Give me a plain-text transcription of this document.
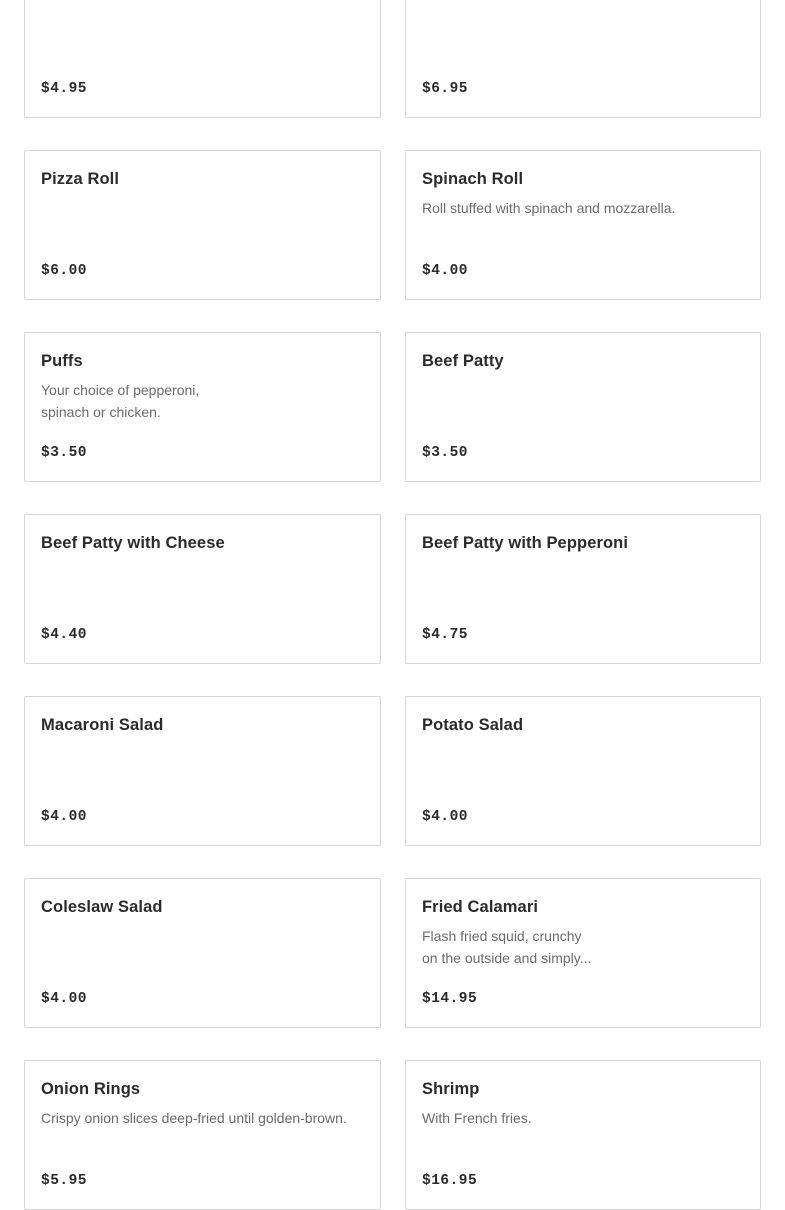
$4.95	$6.95
Pizza Roll
$6.00
Spinach Roll
Roll stuffed with spinach and mozzarella.
$4.00
Puffs
Your choice of pepperoni,
spinach or chicken.
$3.50
Beef Patty
$3.50
Beef Patty with Cheese
$4.40
Beef Patty with Pepperoni
$4.75
Macaroni Salad
$4.00
Potato Salad
$4.00
Coleslaw Salad
$4.00
Fried Calamari
Flash fried squid, crunchy
on the outside and simply...
$14.95
Onion Rings
Crispy onion slices deep-fried until golden-brown.
$5.95
Shrimp
With French fries.
$16.95
